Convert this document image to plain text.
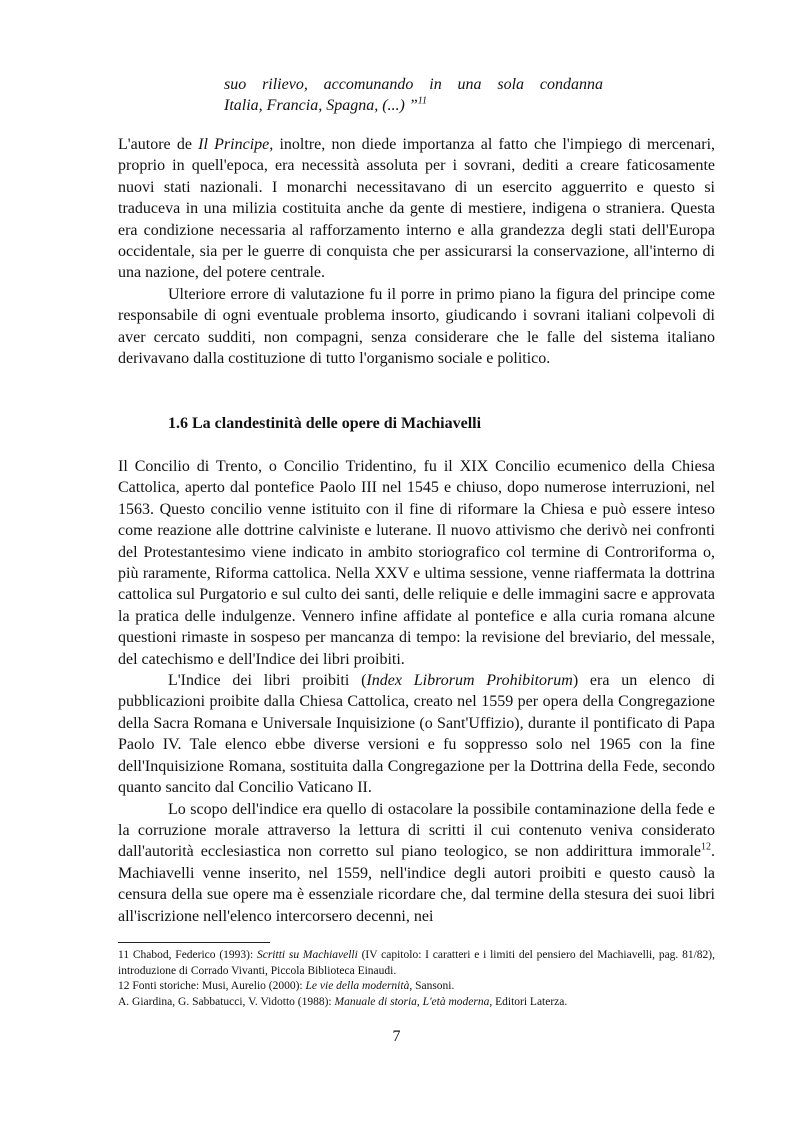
suo rilievo, accomunando in una sola condanna
Italia, Francia, Spagna, (...) ”$^{11}$

L'autore de Il Principe, inoltre, non diede importanza al fatto che l'impiego di mercenari, proprio in quell'epoca, era necessità assoluta per i sovrani, dediti a creare faticosamente nuovi stati nazionali. I monarchi necessitavano di un esercito agguerrito e questo si traduceva in una milizia costituita anche da gente di mestiere, indigena o straniera. Questa era condizione necessaria al rafforzamento interno e alla grandezza degli stati dell'Europa occidentale, sia per le guerre di conquista che per assicurarsi la conservazione, all'interno di una nazione, del potere centrale.

Ulteriore errore di valutazione fu il porre in primo piano la figura del principe come responsabile di ogni eventuale problema insorto, giudicando i sovrani italiani colpevoli di aver cercato sudditi, non compagni, senza considerare che le falle del sistema italiano derivavano dalla costituzione di tutto l'organismo sociale e politico.

1.6 La clandestinità delle opere di Machiavelli

Il Concilio di Trento, o Concilio Tridentino, fu il XIX Concilio ecumenico della Chiesa Cattolica, aperto dal pontefice Paolo III nel 1545 e chiuso, dopo numerose interruzioni, nel 1563. Questo concilio venne istituito con il fine di riformare la Chiesa e può essere inteso come reazione alle dottrine calviniste e luterane. Il nuovo attivismo che derivò nei confronti del Protestantesimo viene indicato in ambito storiografico col termine di Controriforma o, più raramente, Riforma cattolica. Nella XXV e ultima sessione, venne riaffermata la dottrina cattolica sul Purgatorio e sul culto dei santi, delle reliquie e delle immagini sacre e approvata la pratica delle indulgenze. Vennero infine affidate al pontefice e alla curia romana alcune questioni rimaste in sospeso per mancanza di tempo: la revisione del breviario, del messale, del catechismo e dell'Indice dei libri proibiti.

L'Indice dei libri proibiti (Index Librorum Prohibitorum) era un elenco di pubblicazioni proibite dalla Chiesa Cattolica, creato nel 1559 per opera della Congregazione della Sacra Romana e Universale Inquisizione (o Sant'Uffizio), durante il pontificato di Papa Paolo IV. Tale elenco ebbe diverse versioni e fu soppresso solo nel 1965 con la fine dell'Inquisizione Romana, sostituita dalla Congregazione per la Dottrina della Fede, secondo quanto sancito dal Concilio Vaticano II.

Lo scopo dell'indice era quello di ostacolare la possibile contaminazione della fede e la corruzione morale attraverso la lettura di scritti il cui contenuto veniva considerato dall'autorità ecclesiastica non corretto sul piano teologico, se non addirittura immorale$^{12}$. Machiavelli venne inserito, nel 1559, nell'indice degli autori proibiti e questo causò la censura della sue opere ma è essenziale ricordare che, dal termine della stesura dei suoi libri all'iscrizione nell'elenco intercorsero decenni, nei

11 Chabod, Federico (1993): Scritti su Machiavelli (IV capitolo: I caratteri e i limiti del pensiero del Machiavelli, pag. 81/82), introduzione di Corrado Vivanti, Piccola Biblioteca Einaudi.

12 Fonti storiche: Musi, Aurelio (2000): Le vie della modernità, Sansoni.

A. Giardina, G. Sabbatucci, V. Vidotto (1988): Manuale di storia, L'età moderna, Editori Laterza.

7
